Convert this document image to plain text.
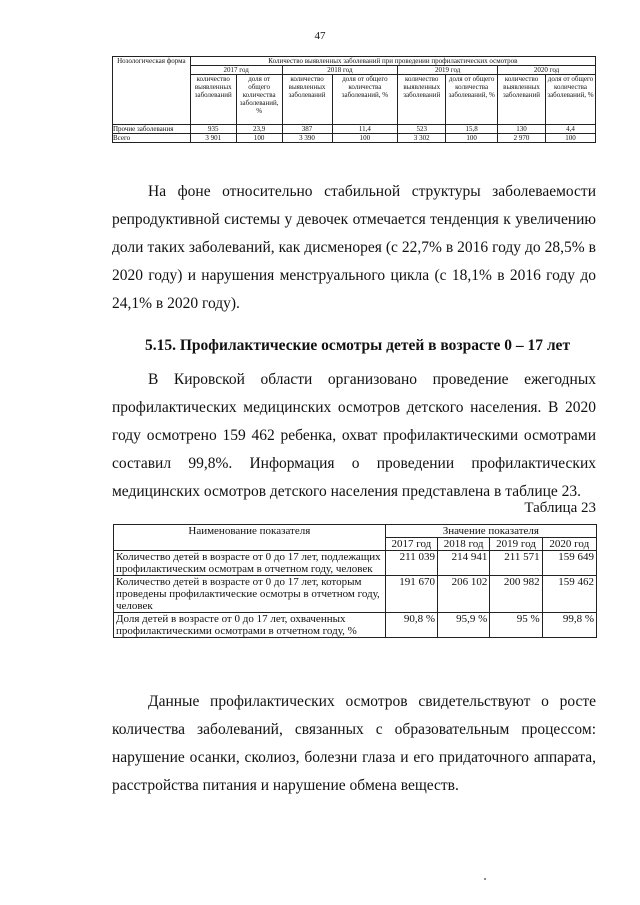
47
Нозологическая форма	Количество выявленных заболеваний при проведении профилактических осмотров							
	2017 год		2018 год		2019 год		2020 год	
	количество выявленных заболеваний	доля от общего количества заболеваний, %	количество выявленных заболеваний	доля от общего количества заболеваний, %	количество выявленных заболеваний	доля от общего количества заболеваний, %	количество выявленных заболеваний	доля от общего количества заболеваний, %
Прочие заболевания	935	23,9	387	11,4	523	15,8	130	4,4
Всего	3 901	100	3 390	100	3 302	100	2 970	100
На фоне относительно стабильной структуры заболеваемости репродуктивной системы у девочек отмечается тенденция к увеличению доли таких заболеваний, как дисменорея (с 22,7% в 2016 году до 28,5% в 2020 году) и нарушения менструального цикла (с 18,1% в 2016 году до 24,1% в 2020 году).
5.15. Профилактические осмотры детей в возрасте 0 – 17 лет
В Кировской области организовано проведение ежегодных профилактических медицинских осмотров детского населения. В 2020 году осмотрено 159 462 ребенка, охват профилактическими осмотрами составил 99,8%. Информация о проведении профилактических медицинских осмотров детского населения представлена в таблице 23.
Таблица 23
Наименование показателя	Значение показателя			
	2017 год	2018 год	2019 год	2020 год
Количество детей в возрасте от 0 до 17 лет, подлежащих профилактическим осмотрам в отчетном году, человек	211 039	214 941	211 571	159 649
Количество детей в возрасте от 0 до 17 лет, которым проведены профилактические осмотры в отчетном году, человек	191 670	206 102	200 982	159 462
Доля детей в возрасте от 0 до 17 лет, охваченных профилактическими осмотрами в отчетном году, %	90,8 %	95,9 %	95 %	99,8 %
Данные профилактических осмотров свидетельствуют о росте количества заболеваний, связанных с образовательным процессом: нарушение осанки, сколиоз, болезни глаза и его придаточного аппарата, расстройства питания и нарушение обмена веществ.
